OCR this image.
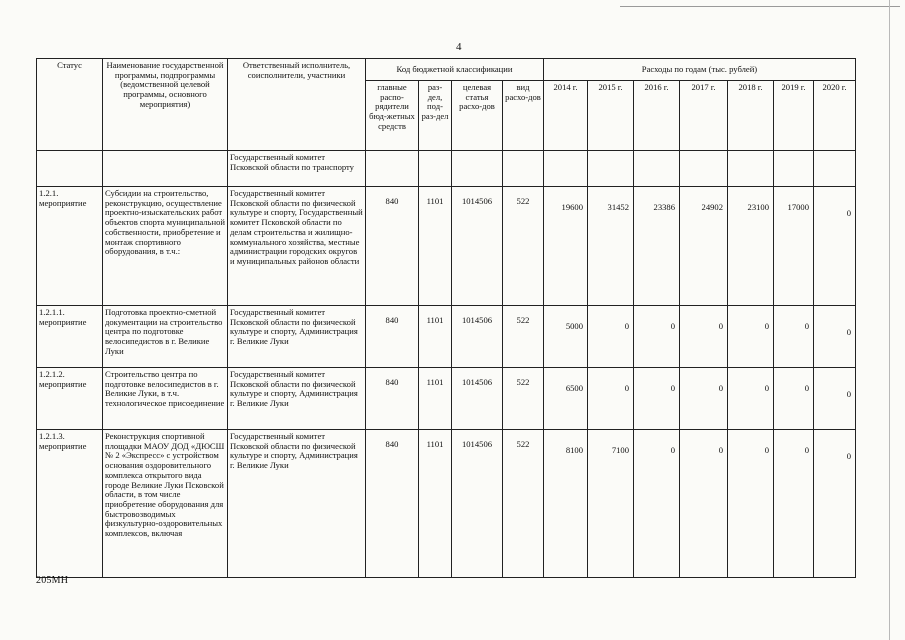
4
Статус	Наименование государственной программы, подпрограммы (ведомственной целевой программы, основного мероприятия)	Ответственный исполнитель, соисполнители, участники	Код бюджетной классификации				Расходы по годам (тыс. рублей)						
			главные распо-рядители бюд-жетных средств	раз-дел, под-раз-дел	целевая статья расхо-дов	вид расхо-дов	2014 г.	2015 г.	2016 г.	2017 г.	2018 г.	2019 г.	2020 г.
		Государственный комитет Псковской области по транспорту											
1.2.1. мероприятие	Субсидии на строительство, реконструкцию, осуществление проектно-изыскательских работ объектов спорта муниципальной собственности, приобретение и монтаж спортивного оборудования, в т.ч.:	Государственный комитет Псковской области по физической культуре и спорту, Государственный комитет Псковской области по делам строительства и жилищно-коммунального хозяйства, местные администрации городских округов и муниципальных районов области	840	1101	1014506	522	19600	31452	23386	24902	23100	17000	0
1.2.1.1. мероприятие	Подготовка проектно-сметной документации на строительство центра по подготовке велосипедистов в г. Великие Луки	Государственный комитет Псковской области по физической культуре и спорту, Администрация г. Великие Луки	840	1101	1014506	522	5000	0	0	0	0	0	0
1.2.1.2. мероприятие	Строительство центра по подготовке велосипедистов в г. Великие Луки, в т.ч. технологическое присоединение	Государственный комитет Псковской области по физической культуре и спорту, Администрация г. Великие Луки	840	1101	1014506	522	6500	0	0	0	0	0	0
1.2.1.3. мероприятие	Реконструкция спортивной площадки МАОУ ДОД «ДЮСШ № 2 «Экспресс» с устройством основания оздоровительного комплекса открытого вида городе Великие Луки Псковской области, в том числе приобретение оборудования для быстровозводимых физкультурно-оздоровительных комплексов, включая	Государственный комитет Псковской области по физической культуре и спорту, Администрация г. Великие Луки	840	1101	1014506	522	8100	7100	0	0	0	0	0
205МН
